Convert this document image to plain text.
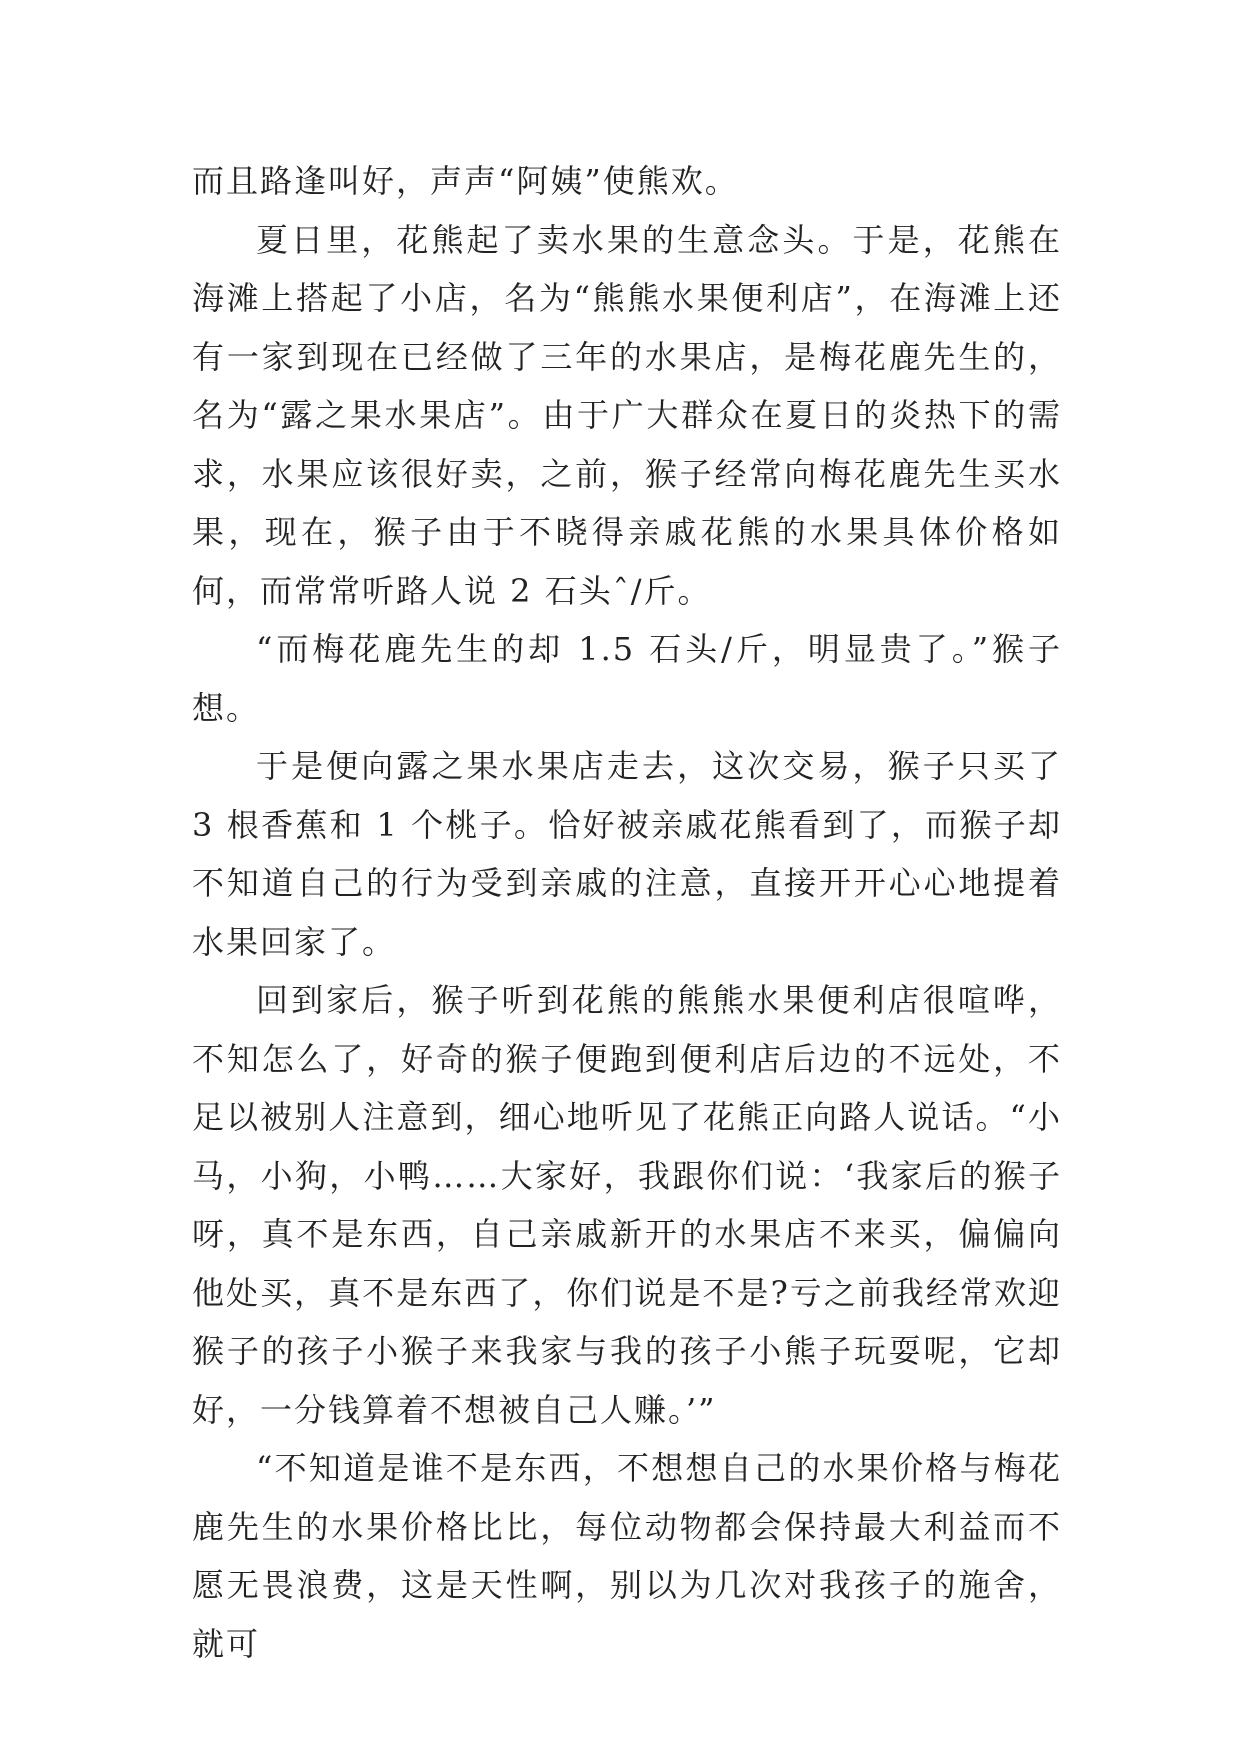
而且路逢叫好，声声“阿姨”使熊欢。

夏日里，花熊起了卖水果的生意念头。于是，花熊在海滩上搭起了小店，名为“熊熊水果便利店”，在海滩上还有一家到现在已经做了三年的水果店，是梅花鹿先生的，名为“露之果水果店”。由于广大群众在夏日的炎热下的需求，水果应该很好卖，之前，猴子经常向梅花鹿先生买水果，现在，猴子由于不晓得亲戚花熊的水果具体价格如何，而常常听路人说 2 石头ˆ/斤。

“而梅花鹿先生的却 1.5 石头/斤，明显贵了。”猴子想。

于是便向露之果水果店走去，这次交易，猴子只买了 3 根香蕉和 1 个桃子。恰好被亲戚花熊看到了，而猴子却不知道自己的行为受到亲戚的注意，直接开开心心地提着水果回家了。

回到家后，猴子听到花熊的熊熊水果便利店很喧哗，不知怎么了，好奇的猴子便跑到便利店后边的不远处，不足以被别人注意到，细心地听见了花熊正向路人说话。“小马，小狗，小鸭……大家好，我跟你们说：‘我家后的猴子呀，真不是东西，自己亲戚新开的水果店不来买，偏偏向他处买，真不是东西了，你们说是不是?亏之前我经常欢迎猴子的孩子小猴子来我家与我的孩子小熊子玩耍呢，它却好，一分钱算着不想被自己人赚。’”

“不知道是谁不是东西，不想想自己的水果价格与梅花鹿先生的水果价格比比，每位动物都会保持最大利益而不愿无畏浪费，这是天性啊，别以为几次对我孩子的施舍，就可
